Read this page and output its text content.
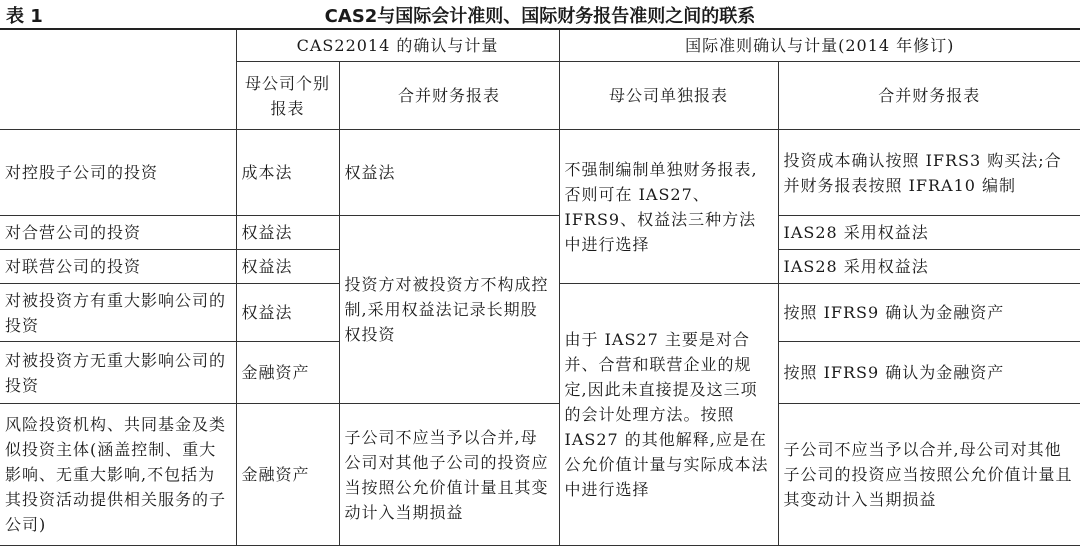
表 1	CAS2与国际会计准则、国际财务报告准则之间的联系
	CAS22014 的确认与计量		国际准则确认与计量(2014 年修订)	
	母公司个别报表	合并财务报表	母公司单独报表	合并财务报表
对控股子公司的投资	成本法	权益法	不强制编制单独财务报表,否则可在 IAS27、IFRS9、权益法三种方法中进行选择	投资成本确认按照 IFRS3 购买法;合并财务报表按照 IFRA10 编制
对合营公司的投资	权益法	投资方对被投资方不构成控制,采用权益法记录长期股权投资		IAS28 采用权益法
对联营公司的投资	权益法			IAS28 采用权益法
对被投资方有重大影响公司的投资	权益法		由于 IAS27 主要是对合并、合营和联营企业的规定,因此未直接提及这三项的会计处理方法。按照 IAS27 的其他解释,应是在公允价值计量与实际成本法中进行选择	按照 IFRS9 确认为金融资产
对被投资方无重大影响公司的投资	金融资产			按照 IFRS9 确认为金融资产
风险投资机构、共同基金及类似投资主体(涵盖控制、重大影响、无重大影响,不包括为其投资活动提供相关服务的子公司)	金融资产	子公司不应当予以合并,母公司对其他子公司的投资应当按照公允价值计量且其变动计入当期损益		子公司不应当予以合并,母公司对其他子公司的投资应当按照公允价值计量且其变动计入当期损益
